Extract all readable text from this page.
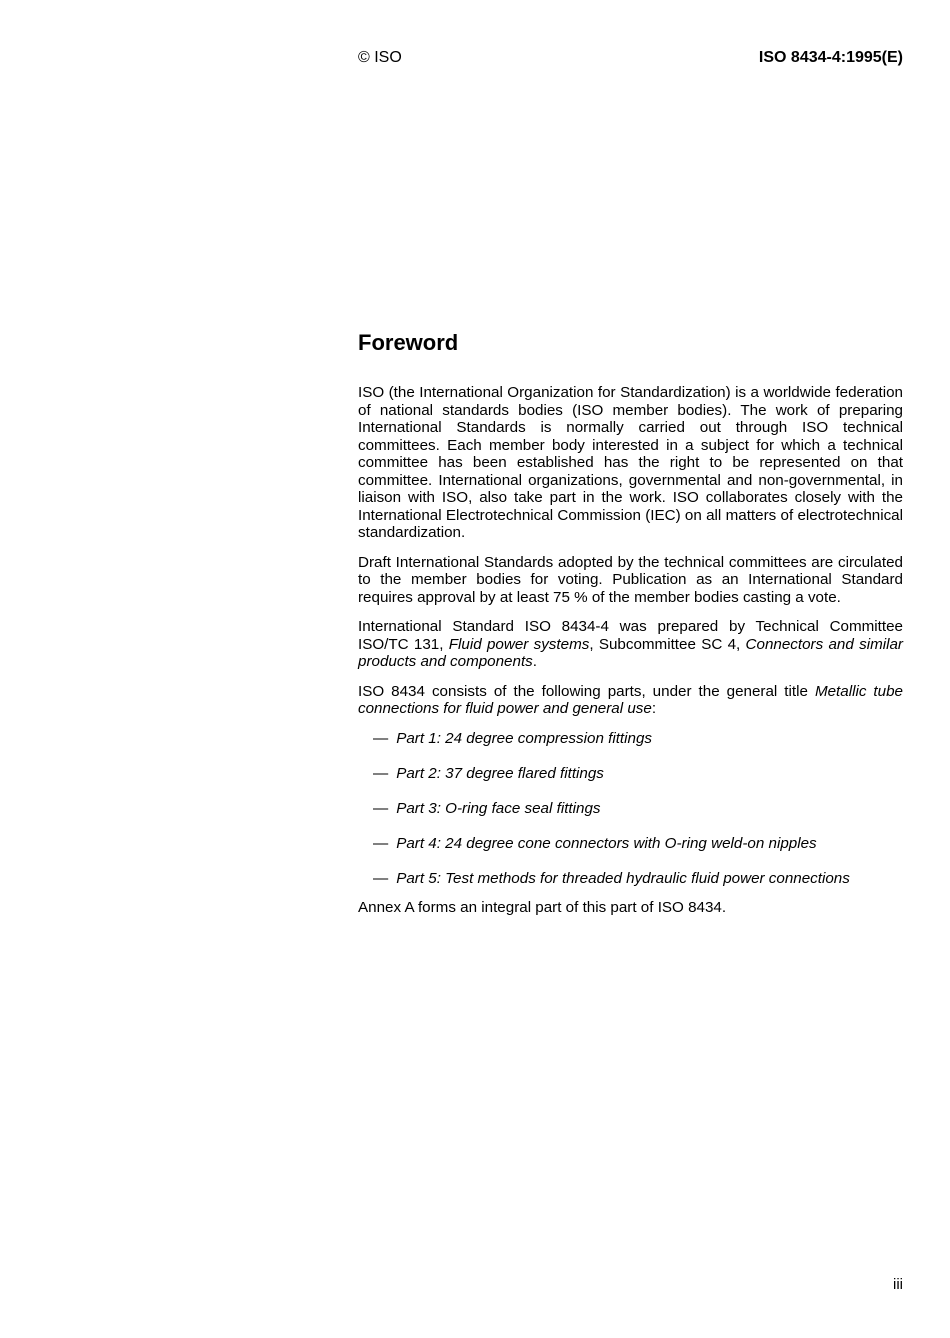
© ISO	ISO 8434-4:1995(E)
Foreword

ISO (the International Organization for Standardization) is a worldwide federation of national standards bodies (ISO member bodies). The work of preparing International Standards is normally carried out through ISO technical committees. Each member body interested in a subject for which a technical committee has been established has the right to be represented on that committee. International organizations, governmental and non-governmental, in liaison with ISO, also take part in the work. ISO collaborates closely with the International Electrotechnical Commission (IEC) on all matters of electrotechnical standardization.

Draft International Standards adopted by the technical committees are circulated to the member bodies for voting. Publication as an International Standard requires approval by at least 75 % of the member bodies casting a vote.

International Standard ISO 8434-4 was prepared by Technical Committee ISO/TC 131, Fluid power systems, Subcommittee SC 4, Connectors and similar products and components.

ISO 8434 consists of the following parts, under the general title Metallic tube connections for fluid power and general use:

— Part 1: 24 degree compression fittings
— Part 2: 37 degree flared fittings
— Part 3: O-ring face seal fittings
— Part 4: 24 degree cone connectors with O-ring weld-on nipples
— Part 5: Test methods for threaded hydraulic fluid power connections

Annex A forms an integral part of this part of ISO 8434.

iii
